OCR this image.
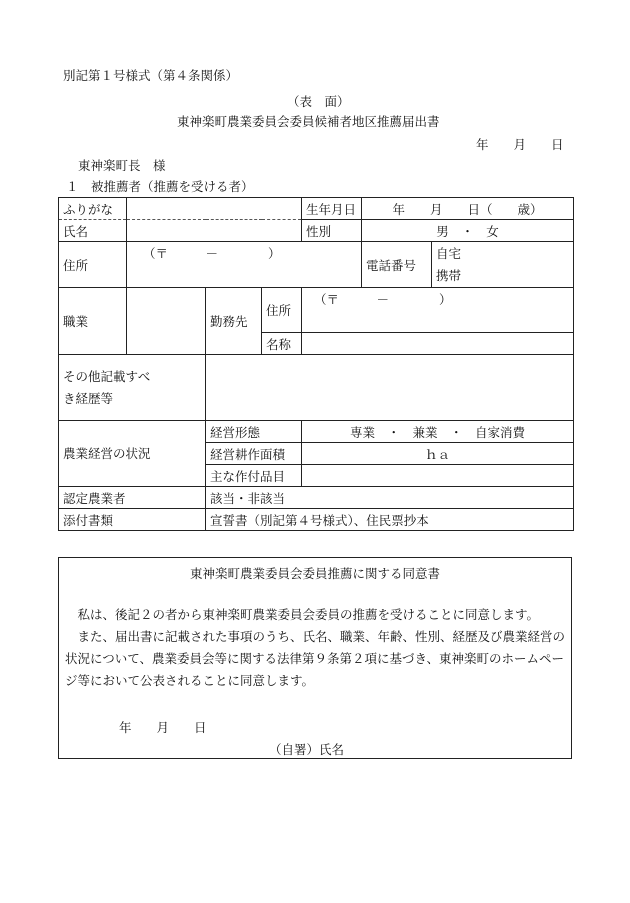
別記第１号様式（第４条関係）
（表　面）
東神楽町農業委員会委員候補者地区推薦届出書
年　　月　　日
東神楽町長　様
１　被推薦者（推薦を受ける者）
ふりがな				生年月日	年　　月　　日（　　歳）	
氏名				性別	男　・　女	
住所	（〒　　　－　　　　）				電話番号	自宅
携帯

職業		勤務先	住所	（〒　　　－　　　　）		
			名称			

その他記載すべき経歴等						

農業経営の状況		経営形態		専業　・　兼業　・　自家消費		
		経営耕作面積		ｈａ		
		主な作付品目				
認定農業者		該当・非該当				
添付書類		宣誓書（別記第４号様式）、住民票抄本				
東神楽町農業委員会委員推薦に関する同意書
　私は、後記２の者から東神楽町農業委員会委員の推薦を受けることに同意します。
　また、届出書に記載された事項のうち、氏名、職業、年齢、性別、経歴及び農業経営の状況について、農業委員会等に関する法律第９条第２項に基づき、東神楽町のホームページ等において公表されることに同意します。
年　　月　　日
（自署）氏名
